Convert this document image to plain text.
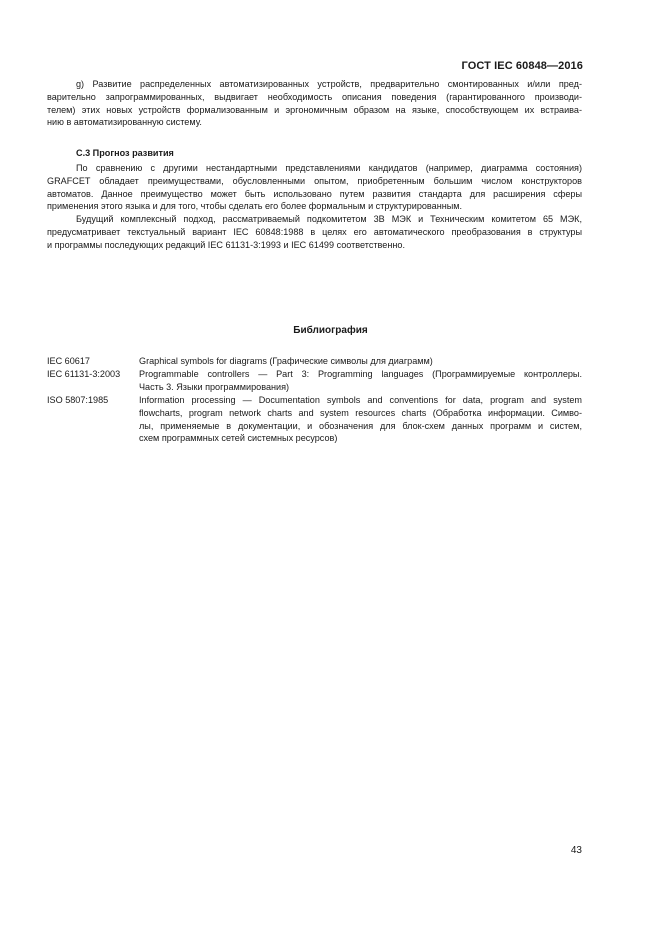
ГОСТ IEC 60848—2016

g) Развитие распределенных автоматизированных устройств, предварительно смонтированных и/или пред-
варительно запрограммированных, выдвигает необходимость описания поведения (гарантированного производи-
телем) этих новых устройств формализованным и эргономичным образом на языке, способствующем их встраива-
нию в автоматизированную систему.

С.3 Прогноз развития

По сравнению с другими нестандартными представлениями кандидатов (например, диаграмма состояния)
GRAFCET обладает преимуществами, обусловленными опытом, приобретенным большим числом конструкторов
автоматов. Данное преимущество может быть использовано путем развития стандарта для расширения сферы
применения этого языка и для того, чтобы сделать его более формальным и структурированным.

Будущий комплексный подход, рассматриваемый подкомитетом 3В МЭК и Техническим комитетом 65 МЭК,
предусматривает текстуальный вариант IEC 60848:1988 в целях его автоматического преобразования в структуры
и программы последующих редакций IEC 61131-3:1993 и IEC 61499 соответственно.

Библиография
IEC 60617	Graphical symbols for diagrams (Графические символы для диаграмм)
IEC 61131-3:2003	Programmable controllers — Part 3: Programming languages (Программируемые контроллеры.
Часть 3. Языки программирования)
ISO 5807:1985	Information processing — Documentation symbols and conventions for data, program and system
flowcharts, program network charts and system resources charts (Обработка информации. Симво-
лы, применяемые в документации, и обозначения для блок-схем данных программ и систем,
схем программных сетей системных ресурсов)
43
